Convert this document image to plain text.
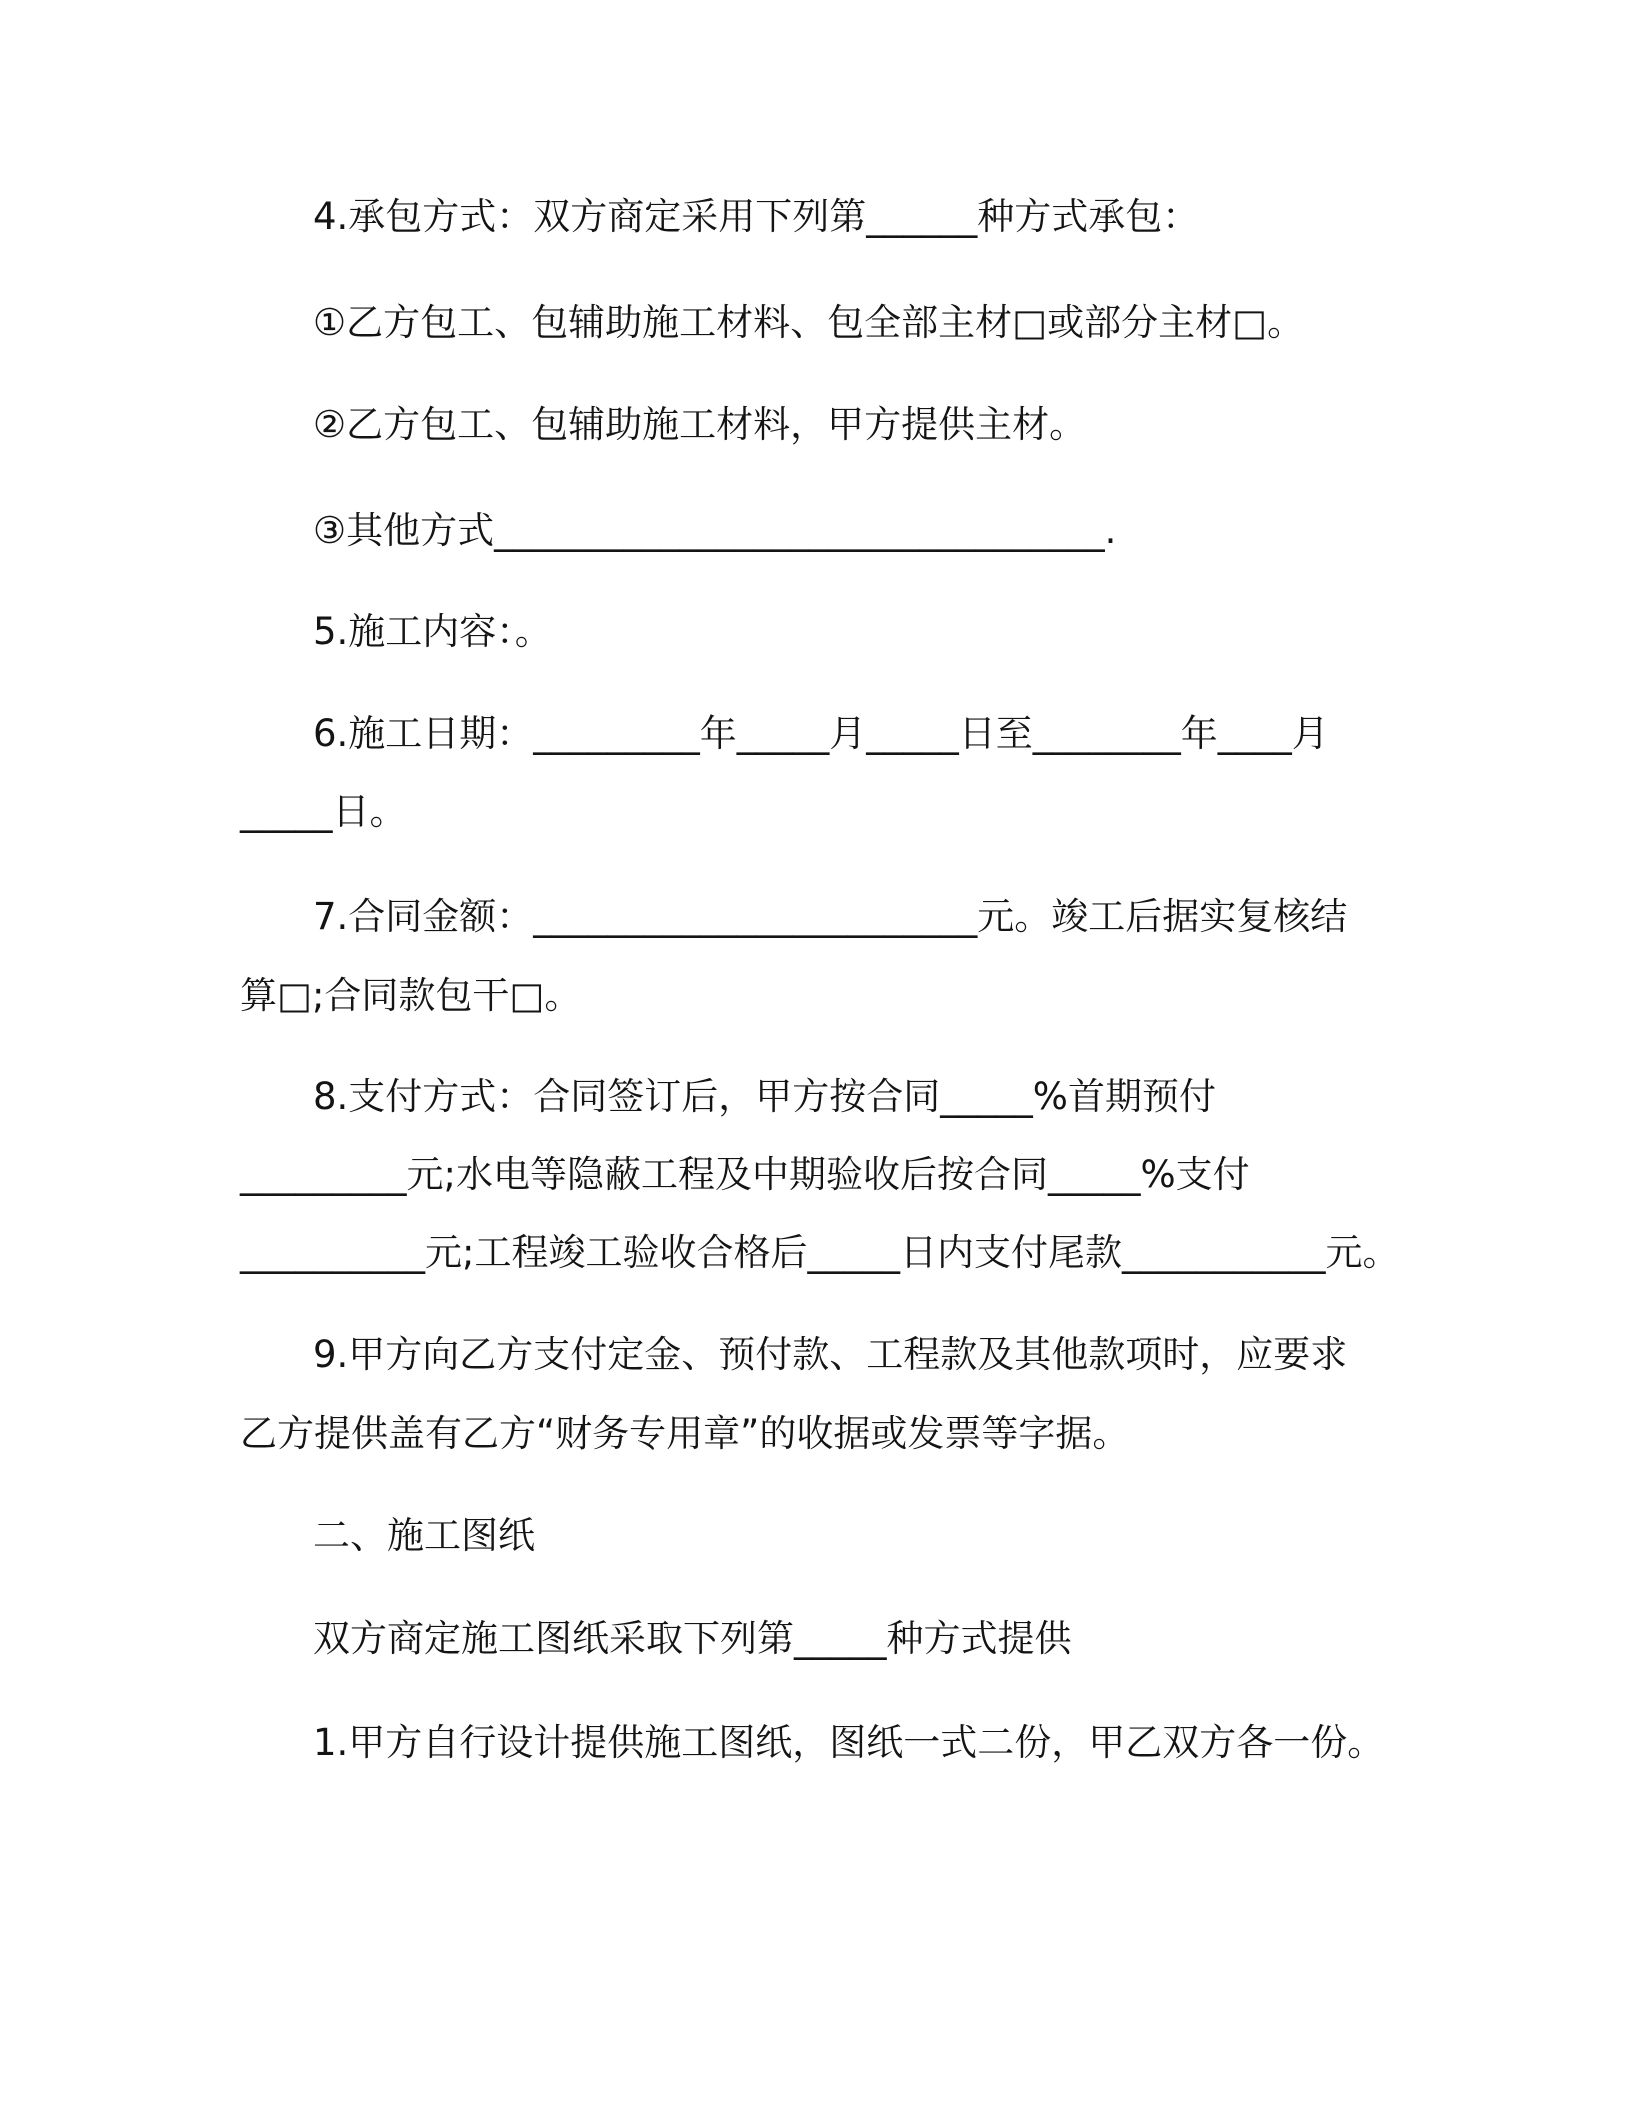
4.承包方式：双方商定采用下列第______种方式承包：
①乙方包工、包辅助施工材料、包全部主材□或部分主材□。
②乙方包工、包辅助施工材料，甲方提供主材。
③其他方式_________________________________.
5.施工内容：。
6.施工日期：_________年_____月_____日至________年____月
_____日。
7.合同金额：________________________元。竣工后据实复核结
算□;合同款包干□。
8.支付方式：合同签订后，甲方按合同_____%首期预付
_________元;水电等隐蔽工程及中期验收后按合同_____%支付
__________元;工程竣工验收合格后_____日内支付尾款___________元。
9.甲方向乙方支付定金、预付款、工程款及其他款项时，应要求
乙方提供盖有乙方“财务专用章”的收据或发票等字据。
二、施工图纸
双方商定施工图纸采取下列第_____种方式提供
1.甲方自行设计提供施工图纸，图纸一式二份，甲乙双方各一份。
